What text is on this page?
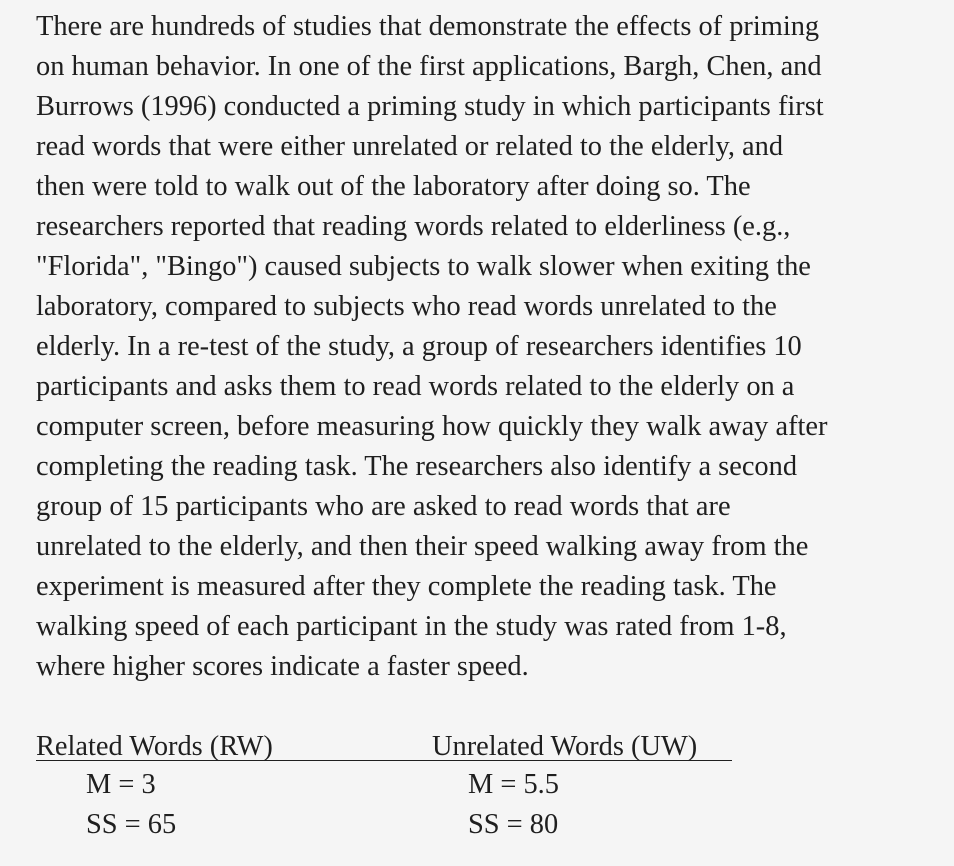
There are hundreds of studies that demonstrate the effects of priming
on human behavior. In one of the first applications, Bargh, Chen, and
Burrows (1996) conducted a priming study in which participants first
read words that were either unrelated or related to the elderly, and
then were told to walk out of the laboratory after doing so. The
researchers reported that reading words related to elderliness (e.g.,
"Florida", "Bingo") caused subjects to walk slower when exiting the
laboratory, compared to subjects who read words unrelated to the
elderly. In a re-test of the study, a group of researchers identifies 10
participants and asks them to read words related to the elderly on a
computer screen, before measuring how quickly they walk away after
completing the reading task. The researchers also identify a second
group of 15 participants who are asked to read words that are
unrelated to the elderly, and then their speed walking away from the
experiment is measured after they complete the reading task. The
walking speed of each participant in the study was rated from 1-8,
where higher scores indicate a faster speed.
Related Words (RW)	Unrelated Words (UW)
M = 3
SS = 65
M = 5.5
SS = 80
